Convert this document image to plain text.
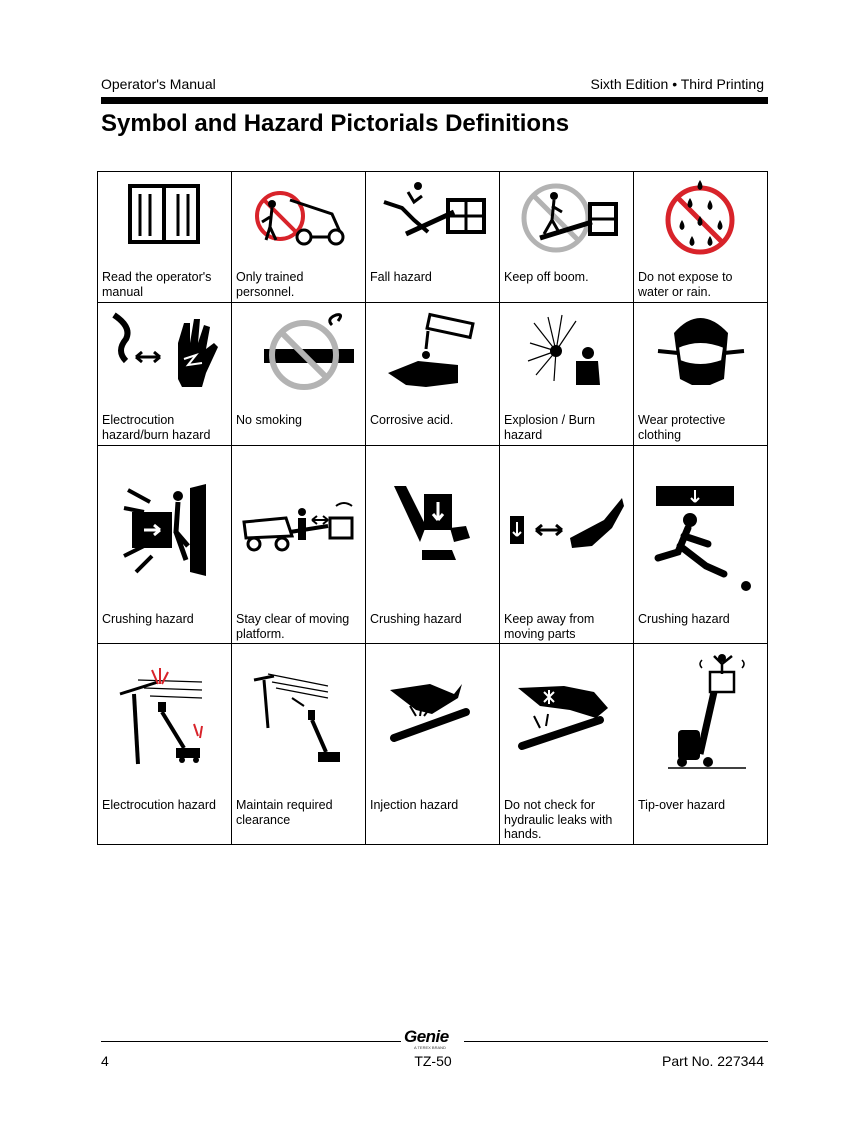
Operator's Manual	Sixth Edition • Third Printing
Symbol and Hazard Pictorials Definitions
Read the operator's manual	Only trained personnel.	Fall hazard	Keep off boom.	Do not expose to water or rain.

Electrocution hazard/burn hazard	No smoking	Corrosive acid.	Explosion / Burn hazard	Wear protective clothing

Crushing hazard	Stay clear of moving platform.	Crushing hazard	Keep away from moving parts	Crushing hazard

Electrocution hazard	Maintain required clearance	Injection hazard	Do not check for hydraulic leaks with hands.	Tip-over hazard
Genie
A TEREX BRAND
4	TZ-50	Part No. 227344
